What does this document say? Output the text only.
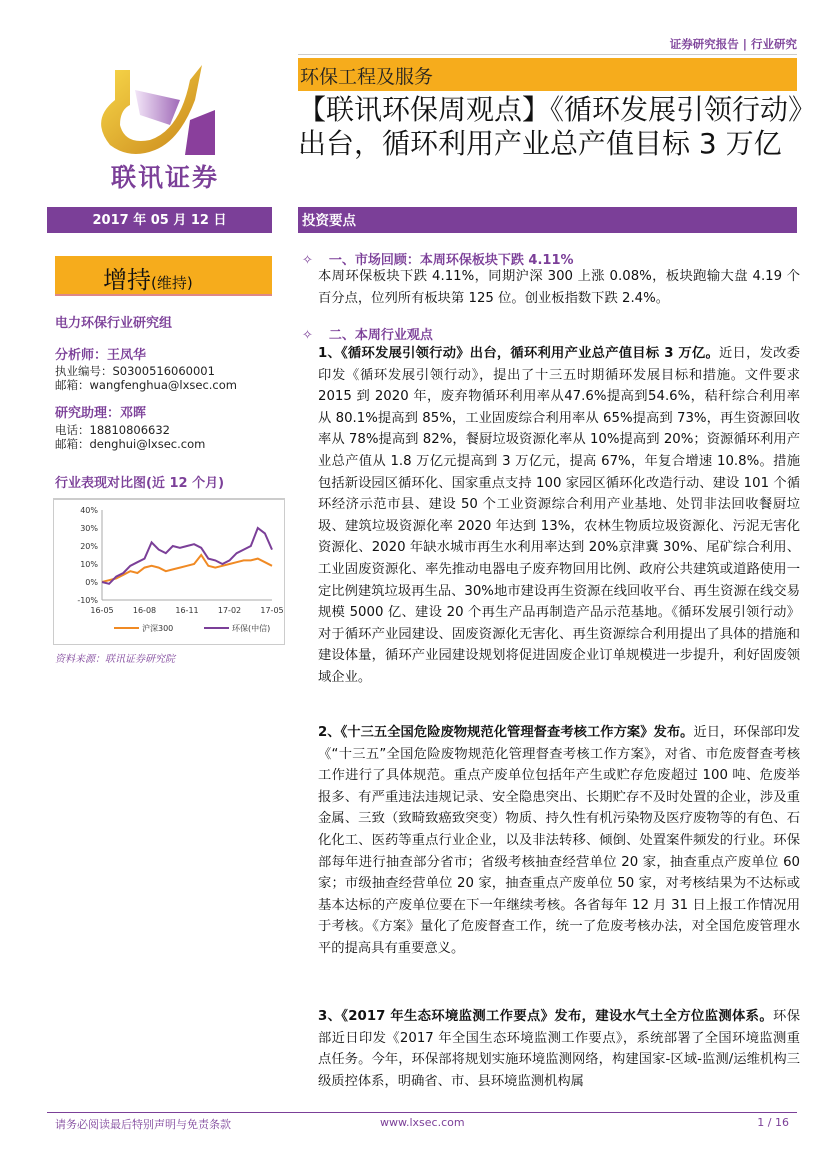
证券研究报告 | 行业研究
联讯证券
环保工程及服务
【联讯环保周观点】《循环发展引领行动》出台，循环利用产业总产值目标 3 万亿
2017 年 05 月 12 日	投资要点
增持(维持)
电力环保行业研究组
分析师：王凤华
执业编号：S0300516060001
邮箱：wangfenghua@lxsec.com
研究助理：邓晖
电话：18810806632
邮箱：denghui@lxsec.com
行业表现对比图(近 12 个月)
40%
30%
20%
10%
0%
-10%
16-05 16-08 16-11 17-02 17-05
沪深300	环保(中信)
资料来源：联讯证券研究院
✧ 一、市场回顾：本周环保板块下跌 4.11%
本周环保板块下跌 4.11%，同期沪深 300 上涨 0.08%，板块跑输大盘 4.19 个百分点，位列所有板块第 125 位。创业板指数下跌 2.4%。
✧ 二、本周行业观点
1、《循环发展引领行动》出台，循环利用产业总产值目标 3 万亿。近日，发改委印发《循环发展引领行动》，提出了十三五时期循环发展目标和措施。文件要求2015 到 2020 年，废弃物循环利用率从47.6%提高到54.6%，秸秆综合利用率从 80.1%提高到 85%，工业固废综合利用率从 65%提高到 73%，再生资源回收率从 78%提高到 82%，餐厨垃圾资源化率从 10%提高到 20%；资源循环利用产业总产值从 1.8 万亿元提高到 3 万亿元，提高 67%，年复合增速 10.8%。措施包括新设园区循环化、国家重点支持 100 家园区循环化改造行动、建设 101 个循环经济示范市县、建设 50 个工业资源综合利用产业基地、处罚非法回收餐厨垃圾、建筑垃圾资源化率 2020 年达到 13%，农林生物质垃圾资源化、污泥无害化资源化、2020 年缺水城市再生水利用率达到 20%京津冀 30%、尾矿综合利用、工业固废资源化、率先推动电器电子废弃物回用比例、政府公共建筑或道路使用一定比例建筑垃圾再生品、30%地市建设再生资源在线回收平台、再生资源在线交易规模 5000 亿、建设 20 个再生产品再制造产品示范基地。《循环发展引领行动》对于循环产业园建设、固废资源化无害化、再生资源综合利用提出了具体的措施和建设体量，循环产业园建设规划将促进固废企业订单规模进一步提升，利好固废领域企业。
2、《十三五全国危险废物规范化管理督查考核工作方案》发布。近日，环保部印发《“十三五”全国危险废物规范化管理督查考核工作方案》，对省、市危废督查考核工作进行了具体规范。重点产废单位包括年产生或贮存危废超过 100 吨、危废举报多、有严重违法违规记录、安全隐患突出、长期贮存不及时处置的企业，涉及重金属、三致（致畸致癌致突变）物质、持久性有机污染物及医疗废物等的有色、石化化工、医药等重点行业企业，以及非法转移、倾倒、处置案件频发的行业。环保部每年进行抽查部分省市；省级考核抽查经营单位 20 家，抽查重点产废单位 60 家；市级抽查经营单位 20 家，抽查重点产废单位 50 家，对考核结果为不达标或基本达标的产废单位要在下一年继续考核。各省每年 12 月 31 日上报工作情况用于考核。《方案》量化了危废督查工作，统一了危废考核办法，对全国危废管理水平的提高具有重要意义。
3、《2017 年生态环境监测工作要点》发布，建设水气土全方位监测体系。环保部近日印发《2017 年全国生态环境监测工作要点》，系统部署了全国环境监测重点任务。今年，环保部将规划实施环境监测网络，构建国家-区域-监测/运维机构三级质控体系，明确省、市、县环境监测机构属
请务必阅读最后特别声明与免责条款	www.lxsec.com	1 / 16
